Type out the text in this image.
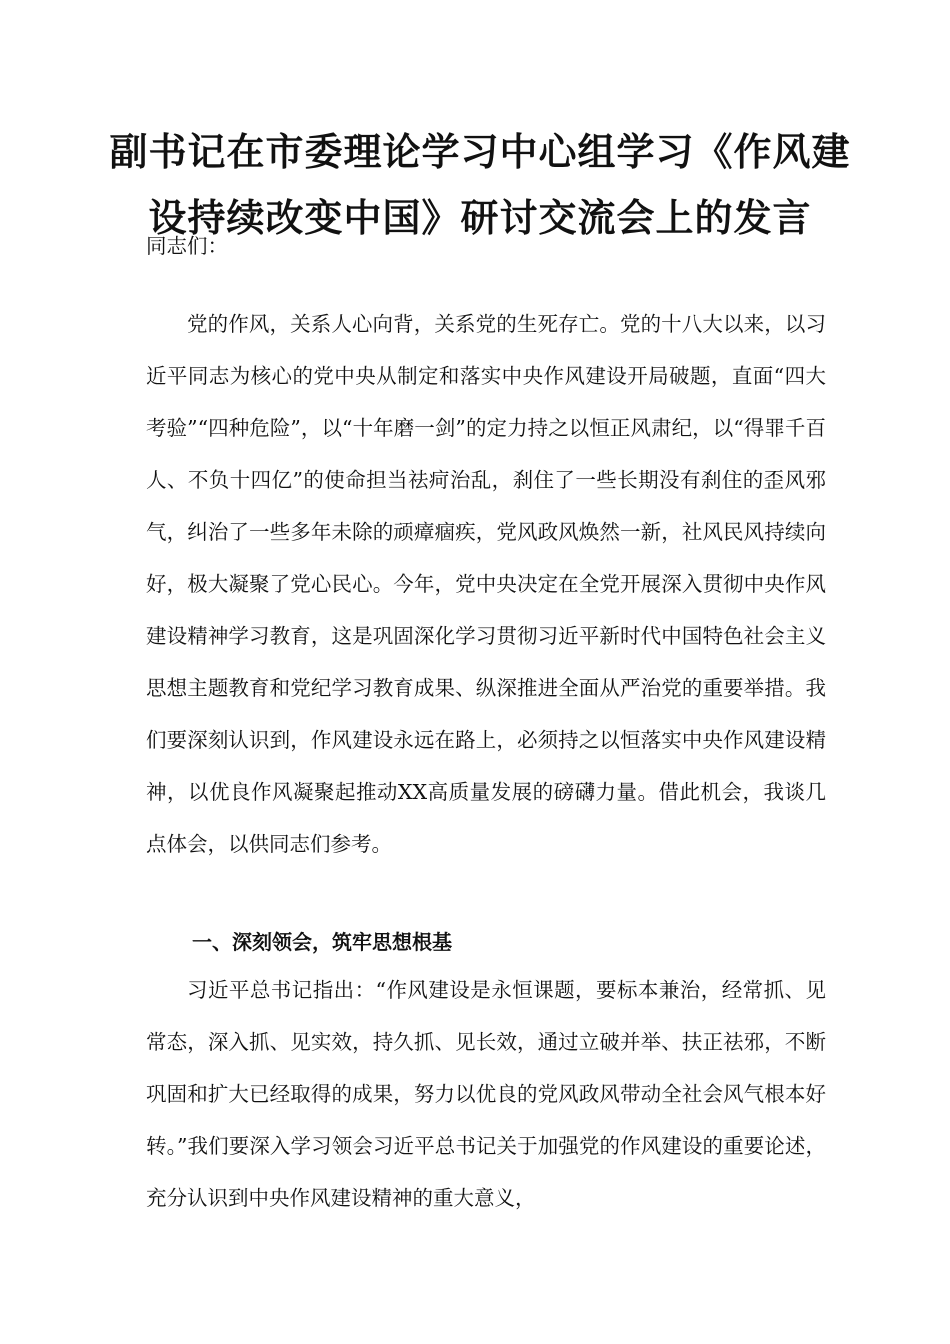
副书记在市委理论学习中心组学习《作风建
设持续改变中国》研讨交流会上的发言

同志们：

党的作风，关系人心向背，关系党的生死存亡。党的十八大以来，以习近平同志为核心的党中央从制定和落实中央作风建设开局破题，直面“四大考验”“四种危险”，以“十年磨一剑”的定力持之以恒正风肃纪，以“得罪千百人、不负十四亿”的使命担当祛疴治乱，刹住了一些长期没有刹住的歪风邪气，纠治了一些多年未除的顽瘴痼疾，党风政风焕然一新，社风民风持续向好，极大凝聚了党心民心。今年，党中央决定在全党开展深入贯彻中央作风建设精神学习教育，这是巩固深化学习贯彻习近平新时代中国特色社会主义思想主题教育和党纪学习教育成果、纵深推进全面从严治党的重要举措。我们要深刻认识到，作风建设永远在路上，必须持之以恒落实中央作风建设精神，以优良作风凝聚起推动XX高质量发展的磅礴力量。借此机会，我谈几点体会，以供同志们参考。

一、深刻领会，筑牢思想根基

习近平总书记指出：“作风建设是永恒课题，要标本兼治，经常抓、见常态，深入抓、见实效，持久抓、见长效，通过立破并举、扶正祛邪，不断巩固和扩大已经取得的成果，努力以优良的党风政风带动全社会风气根本好转。”我们要深入学习领会习近平总书记关于加强党的作风建设的重要论述，充分认识到中央作风建设精神的重大意义，
